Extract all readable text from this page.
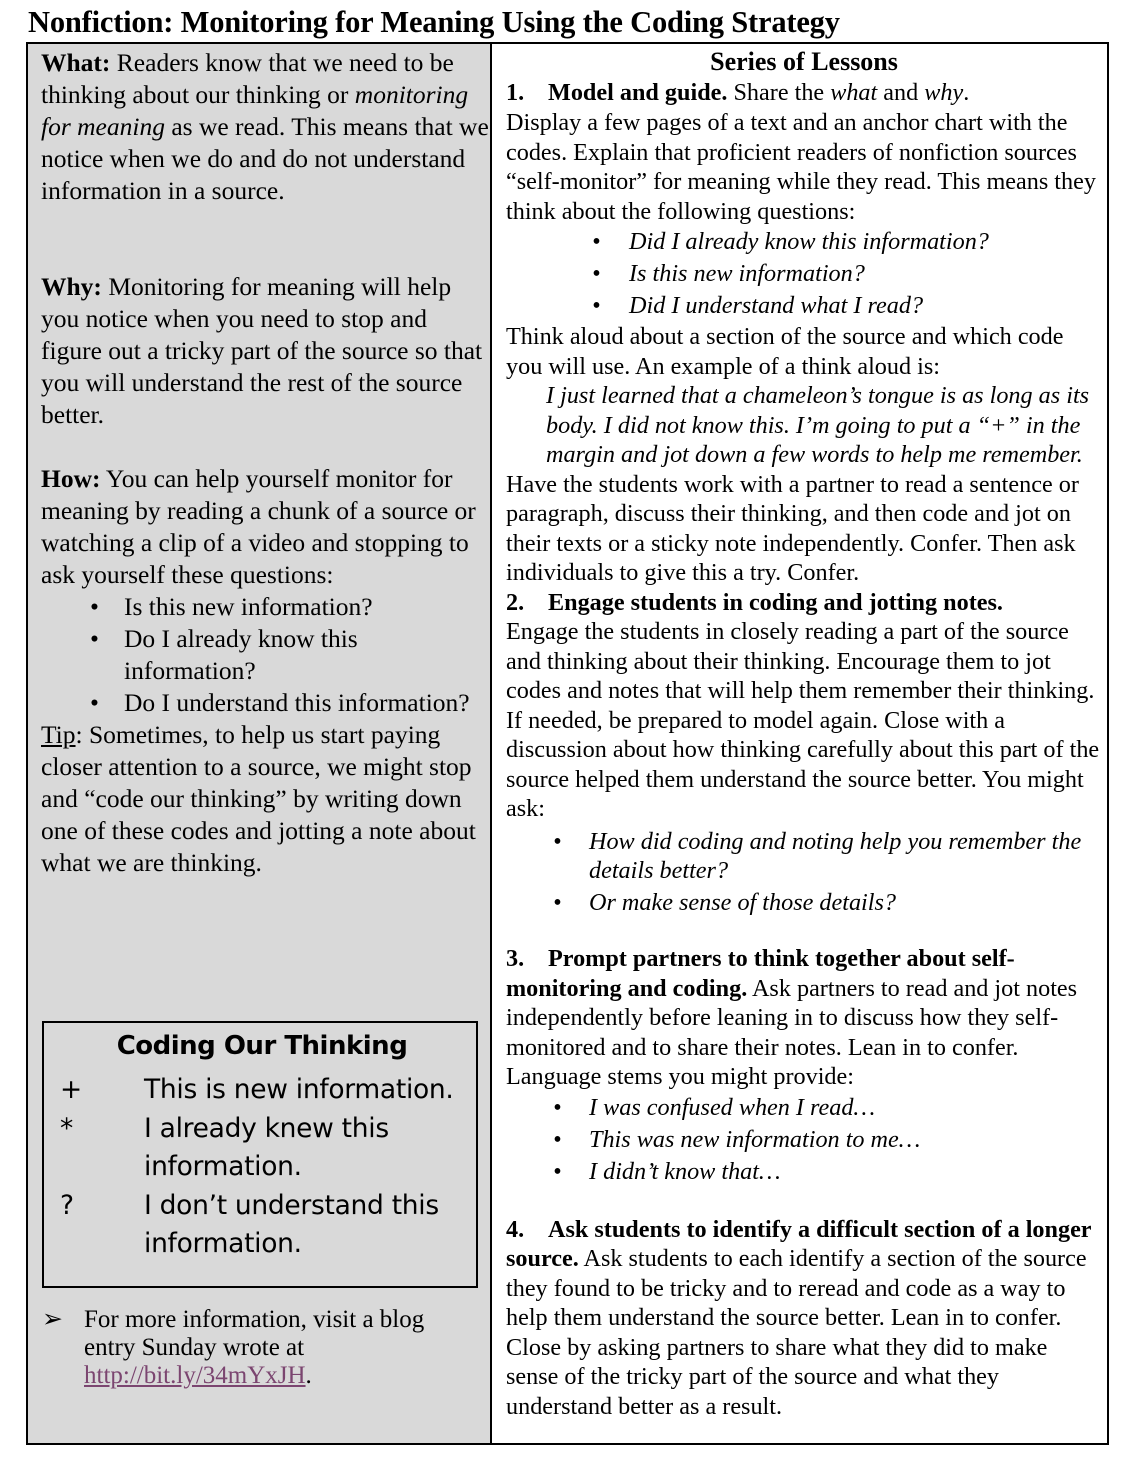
Nonfiction: Monitoring for Meaning Using the Coding Strategy

What: Readers know that we need to be thinking about our thinking or monitoring for meaning as we read. This means that we notice when we do and do not understand information in a source.

Why: Monitoring for meaning will help you notice when you need to stop and figure out a tricky part of the source so that you will understand the rest of the source better.

How: You can help yourself monitor for meaning by reading a chunk of a source or watching a clip of a video and stopping to ask yourself these questions:

• Is this new information?
• Do I already know this information?
• Do I understand this information?

Tip: Sometimes, to help us start paying closer attention to a source, we might stop and “code our thinking” by writing down one of these codes and jotting a note about what we are thinking.

Coding Our Thinking
+ This is new information.
*	I already knew this information.
?	I don’t understand this information.
➢ For more information, visit a blog entry Sunday wrote at http://bit.ly/34mYxJH.

Series of Lessons

1. Model and guide. Share the what and why.

Display a few pages of a text and an anchor chart with the codes. Explain that proficient readers of nonfiction sources “self-monitor” for meaning while they read. This means they think about the following questions:

• Did I already know this information?
• Is this new information?
• Did I understand what I read?

Think aloud about a section of the source and which code you will use. An example of a think aloud is:

I just learned that a chameleon’s tongue is as long as its body. I did not know this. I’m going to put a “+” in the margin and jot down a few words to help me remember.

Have the students work with a partner to read a sentence or paragraph, discuss their thinking, and then code and jot on their texts or a sticky note independently. Confer. Then ask individuals to give this a try. Confer.

2. Engage students in coding and jotting notes.

Engage the students in closely reading a part of the source and thinking about their thinking. Encourage them to jot codes and notes that will help them remember their thinking. If needed, be prepared to model again. Close with a discussion about how thinking carefully about this part of the source helped them understand the source better. You might ask:

• How did coding and noting help you remember the details better?
• Or make sense of those details?

3. Prompt partners to think together about self-monitoring and coding. Ask partners to read and jot notes independently before leaning in to discuss how they self-monitored and to share their notes. Lean in to confer. Language stems you might provide:

• I was confused when I read…
• This was new information to me…
• I didn’t know that…

4. Ask students to identify a difficult section of a longer source. Ask students to each identify a section of the source they found to be tricky and to reread and code as a way to help them understand the source better. Lean in to confer. Close by asking partners to share what they did to make sense of the tricky part of the source and what they understand better as a result.
